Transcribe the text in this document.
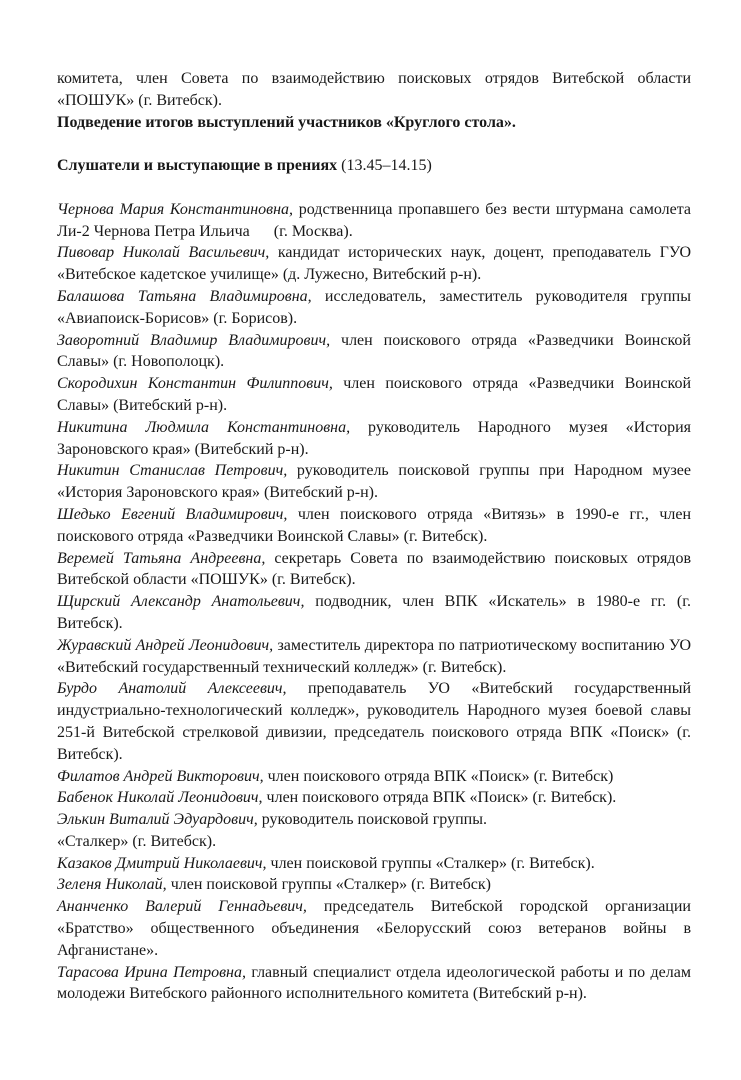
комитета, член Совета по взаимодействию поисковых отрядов Витебской области «ПОШУК» (г. Витебск).

Подведение итогов выступлений участников «Круглого стола».

Слушатели и выступающие в прениях (13.45–14.15)

Чернова Мария Константиновна, родственница пропавшего без вести штурмана самолета Ли-2 Чернова Петра Ильича      (г. Москва).

Пивовар Николай Васильевич, кандидат исторических наук, доцент, преподаватель ГУО «Витебское кадетское училище» (д. Лужесно, Витебский р-н).

Балашова Татьяна Владимировна, исследователь, заместитель руководителя группы «Авиапоиск-Борисов» (г. Борисов).

Заворотний Владимир Владимирович, член поискового отряда «Разведчики Воинской Славы» (г. Новополоцк).

Скородихин Константин Филиппович, член поискового отряда «Разведчики Воинской Славы» (Витебский р-н).

Никитина Людмила Константиновна, руководитель Народного музея «История Зароновского края» (Витебский р-н).

Никитин Станислав Петрович, руководитель поисковой группы при Народном музее «История Зароновского края» (Витебский р-н).

Шедько Евгений Владимирович, член поискового отряда «Витязь» в 1990-е гг., член поискового отряда «Разведчики Воинской Славы» (г. Витебск).

Веремей Татьяна Андреевна, секретарь Совета по взаимодействию поисковых отрядов Витебской области «ПОШУК» (г. Витебск).

Щирский Александр Анатольевич, подводник, член ВПК «Искатель» в 1980-е гг. (г. Витебск).

Журавский Андрей Леонидович, заместитель директора по патриотическому воспитанию УО «Витебский государственный технический колледж» (г. Витебск).

Бурдо Анатолий Алексеевич, преподаватель УО «Витебский государственный индустриально-технологический колледж», руководитель Народного музея боевой славы 251-й Витебской стрелковой дивизии, председатель поискового отряда ВПК «Поиск» (г. Витебск).

Филатов Андрей Викторович, член поискового отряда ВПК «Поиск» (г. Витебск)

Бабенок Николай Леонидович, член поискового отряда ВПК «Поиск» (г. Витебск).

Элькин Виталий Эдуардович, руководитель поисковой группы.

«Сталкер» (г. Витебск).

Казаков Дмитрий Николаевич, член поисковой группы «Сталкер» (г. Витебск).

Зеленя Николай, член поисковой группы «Сталкер» (г. Витебск)

Ананченко Валерий Геннадьевич, председатель Витебской городской организации «Братство» общественного объединения «Белорусский союз ветеранов войны в Афганистане».

Тарасова Ирина Петровна, главный специалист отдела идеологической работы и по делам молодежи Витебского районного исполнительного комитета (Витебский р-н).
